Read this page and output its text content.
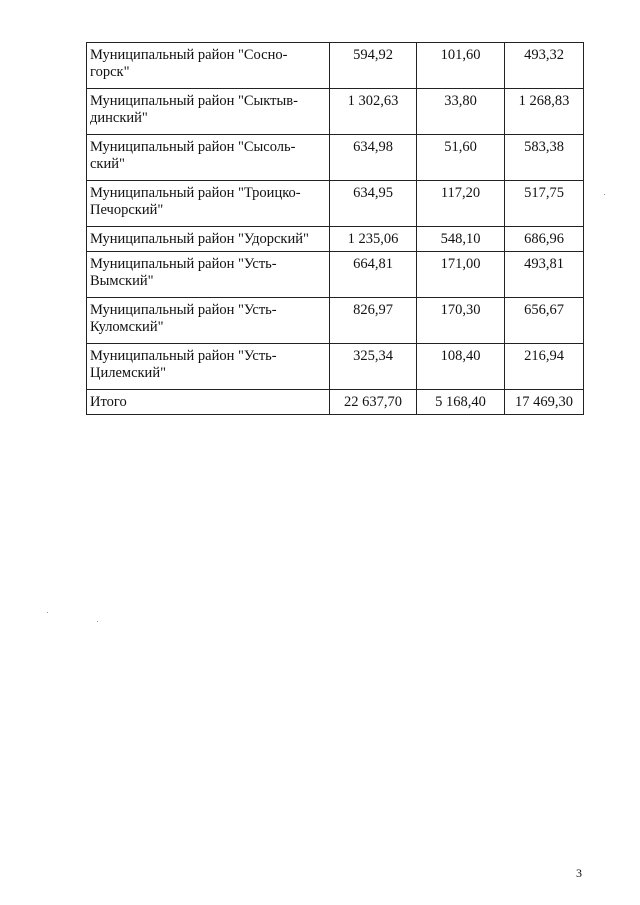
Муниципальный район "Сосно-горск"	594,92	101,60	493,32
Муниципальный район "Сыктыв-динский"	1 302,63	33,80	1 268,83
Муниципальный район "Сысоль-ский"	634,98	51,60	583,38
Муниципальный район "Троицко-Печорский"	634,95	117,20	517,75
Муниципальный район "Удорский"	1 235,06	548,10	686,96
Муниципальный район "Усть-Вымский"	664,81	171,00	493,81
Муниципальный район "Усть-Куломский"	826,97	170,30	656,67
Муниципальный район "Усть-Цилемский"	325,34	108,40	216,94
Итого	22 637,70	5 168,40	17 469,30
3
